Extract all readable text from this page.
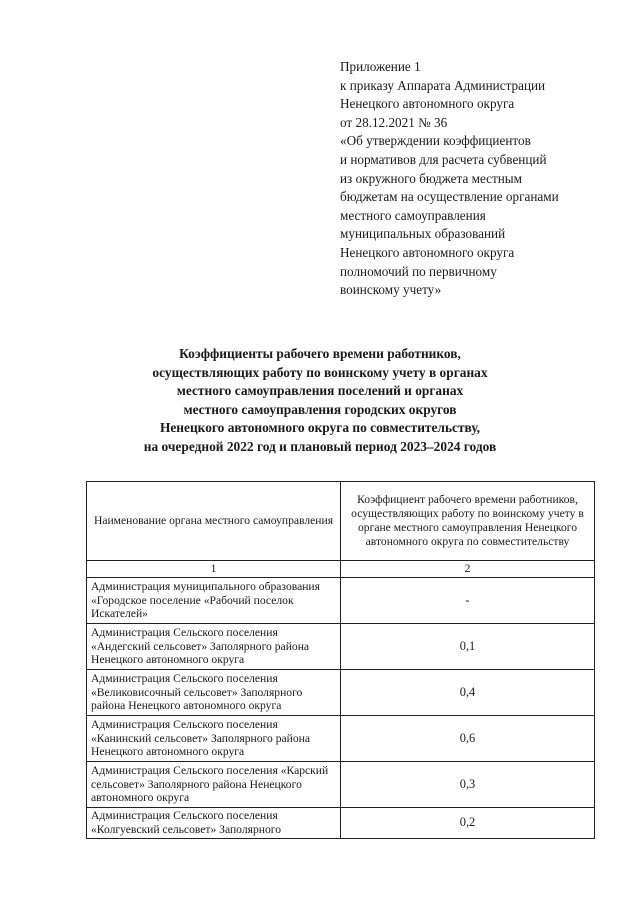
Приложение 1
к приказу Аппарата Администрации
Ненецкого автономного округа
от 28.12.2021 № 36
«Об утверждении коэффициентов
и нормативов для расчета субвенций
из окружного бюджета местным
бюджетам на осуществление органами
местного самоуправления
муниципальных образований
Ненецкого автономного округа
полномочий по первичному
воинскому учету»
Коэффициенты рабочего времени работников,
осуществляющих работу по воинскому учету в органах
местного самоуправления поселений и органах
местного самоуправления городских округов
Ненецкого автономного округа по совместительству,
на очередной 2022 год и плановый период 2023–2024 годов
Наименование органа местного самоуправления	Коэффициент рабочего времени работников, осуществляющих работу по воинскому учету в органе местного самоуправления Ненецкого автономного округа по совместительству
1	2
Администрация муниципального образования «Городское поселение «Рабочий поселок Искателей»	-
Администрация Сельского поселения «Андегский сельсовет» Заполярного района Ненецкого автономного округа	0,1
Администрация Сельского поселения «Великовисочный сельсовет» Заполярного района Ненецкого автономного округа	0,4
Администрация Сельского поселения «Канинский сельсовет» Заполярного района Ненецкого автономного округа	0,6
Администрация Сельского поселения «Карский сельсовет» Заполярного района Ненецкого автономного округа	0,3
Администрация Сельского поселения «Колгуевский сельсовет» Заполярного	0,2
